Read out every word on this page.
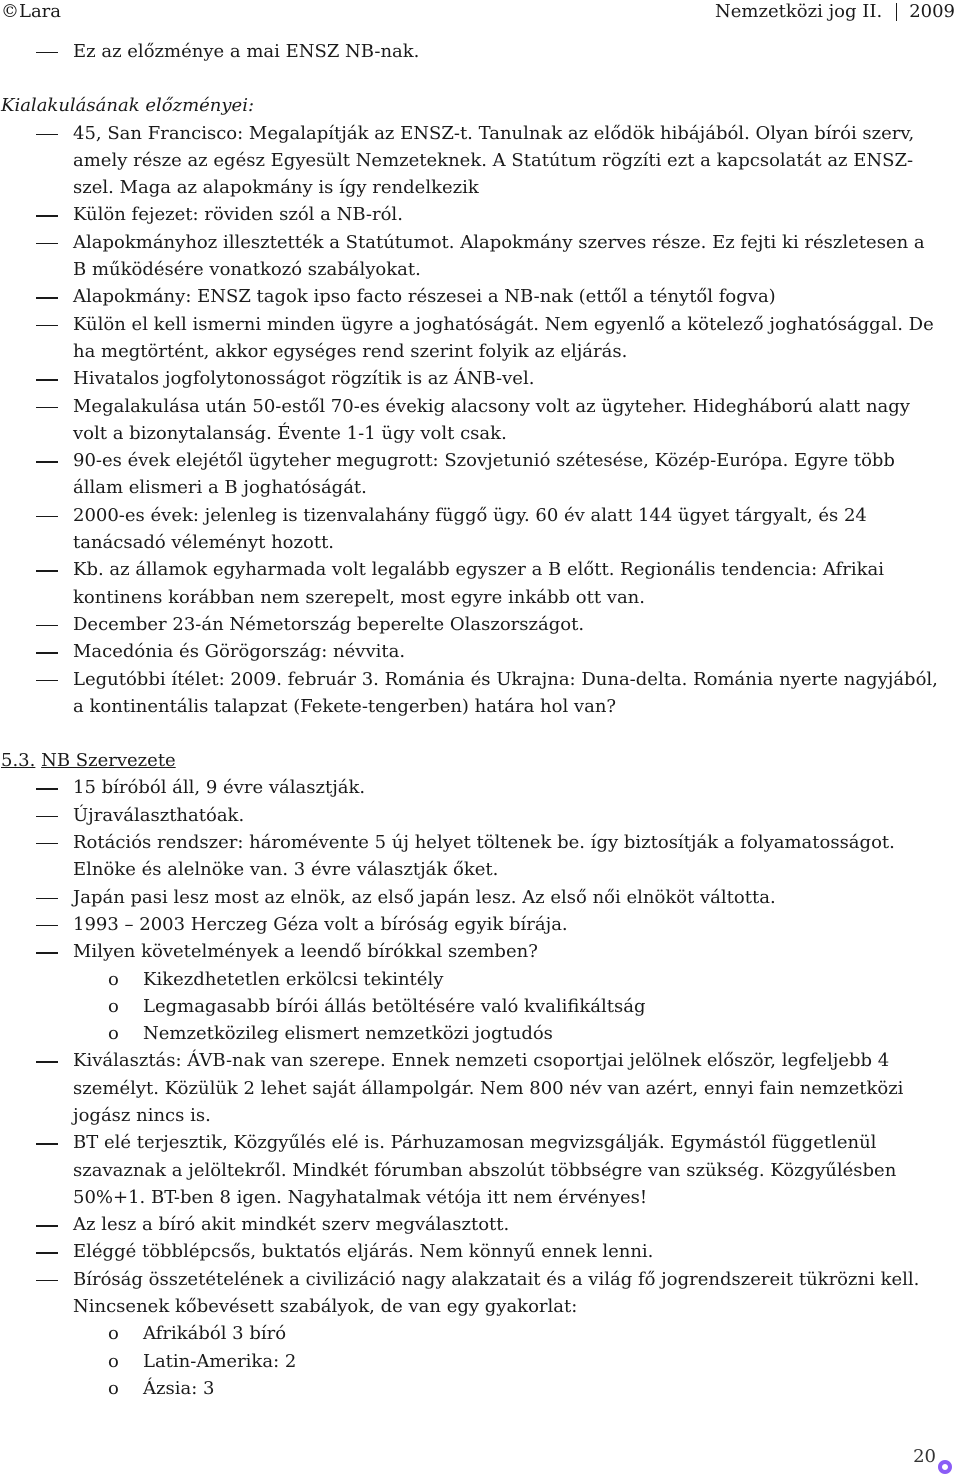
©Lara	Nemzetközi jog II. 2009
Ez az előzménye a mai ENSZ NB-nak.
Kialakulásának előzményei:
45, San Francisco: Megalapítják az ENSZ-t. Tanulnak az elődök hibájából. Olyan bírói szerv, amely része az egész Egyesült Nemzeteknek. A Statútum rögzíti ezt a kapcsolatát az ENSZ-szel. Maga az alapokmány is így rendelkezik
Külön fejezet: röviden szól a NB-ról.
Alapokmányhoz illesztették a Statútumot. Alapokmány szerves része. Ez fejti ki részletesen a B működésére vonatkozó szabályokat.
Alapokmány: ENSZ tagok ipso facto részesei a NB-nak (ettől a ténytől fogva)
Külön el kell ismerni minden ügyre a joghatóságát. Nem egyenlő a kötelező joghatósággal. De ha megtörtént, akkor egységes rend szerint folyik az eljárás.
Hivatalos jogfolytonosságot rögzítik is az ÁNB-vel.
Megalakulása után 50-estől 70-es évekig alacsony volt az ügyteher. Hidegháború alatt nagy volt a bizonytalanság. Évente 1-1 ügy volt csak.
90-es évek elejétől ügyteher megugrott: Szovjetunió szétesése, Közép-Európa. Egyre több állam elismeri a B joghatóságát.
2000-es évek: jelenleg is tizenvalahány függő ügy. 60 év alatt 144 ügyet tárgyalt, és 24 tanácsadó véleményt hozott.
Kb. az államok egyharmada volt legalább egyszer a B előtt. Regionális tendencia: Afrikai kontinens korábban nem szerepelt, most egyre inkább ott van.
December 23-án Németország beperelte Olaszországot.
Macedónia és Görögország: névvita.
Legutóbbi ítélet: 2009. február 3. Románia és Ukrajna: Duna-delta. Románia nyerte nagyjából, a kontinentális talapzat (Fekete-tengerben) határa hol van?
5.3. NB Szervezete
15 bíróból áll, 9 évre választják.
Újraválaszthatóak.
Rotációs rendszer: háromévente 5 új helyet töltenek be. így biztosítják a folyamatosságot. Elnöke és alelnöke van. 3 évre választják őket.
Japán pasi lesz most az elnök, az első japán lesz. Az első női elnököt váltotta.
1993 – 2003 Herczeg Géza volt a bíróság egyik bírája.
Milyen követelmények a leendő bírókkal szemben?
o Kikezdhetetlen erkölcsi tekintély
o Legmagasabb bírói állás betöltésére való kvalifikáltság
o Nemzetközileg elismert nemzetközi jogtudós
Kiválasztás: ÁVB-nak van szerepe. Ennek nemzeti csoportjai jelölnek először, legfeljebb 4 személyt. Közülük 2 lehet saját állampolgár. Nem 800 név van azért, ennyi fain nemzetközi jogász nincs is.
BT elé terjesztik, Közgyűlés elé is. Párhuzamosan megvizsgálják. Egymástól függetlenül szavaznak a jelöltekről. Mindkét fórumban abszolút többségre van szükség. Közgyűlésben 50%+1. BT-ben 8 igen. Nagyhatalmak vétója itt nem érvényes!
Az lesz a bíró akit mindkét szerv megválasztott.
Eléggé többlépcsős, buktatós eljárás. Nem könnyű ennek lenni.
Bíróság összetételének a civilizáció nagy alakzatait és a világ fő jogrendszereit tükrözni kell. Nincsenek kőbevésett szabályok, de van egy gyakorlat:
o Afrikából 3 bíró
o Latin-Amerika: 2
o Ázsia: 3
20
